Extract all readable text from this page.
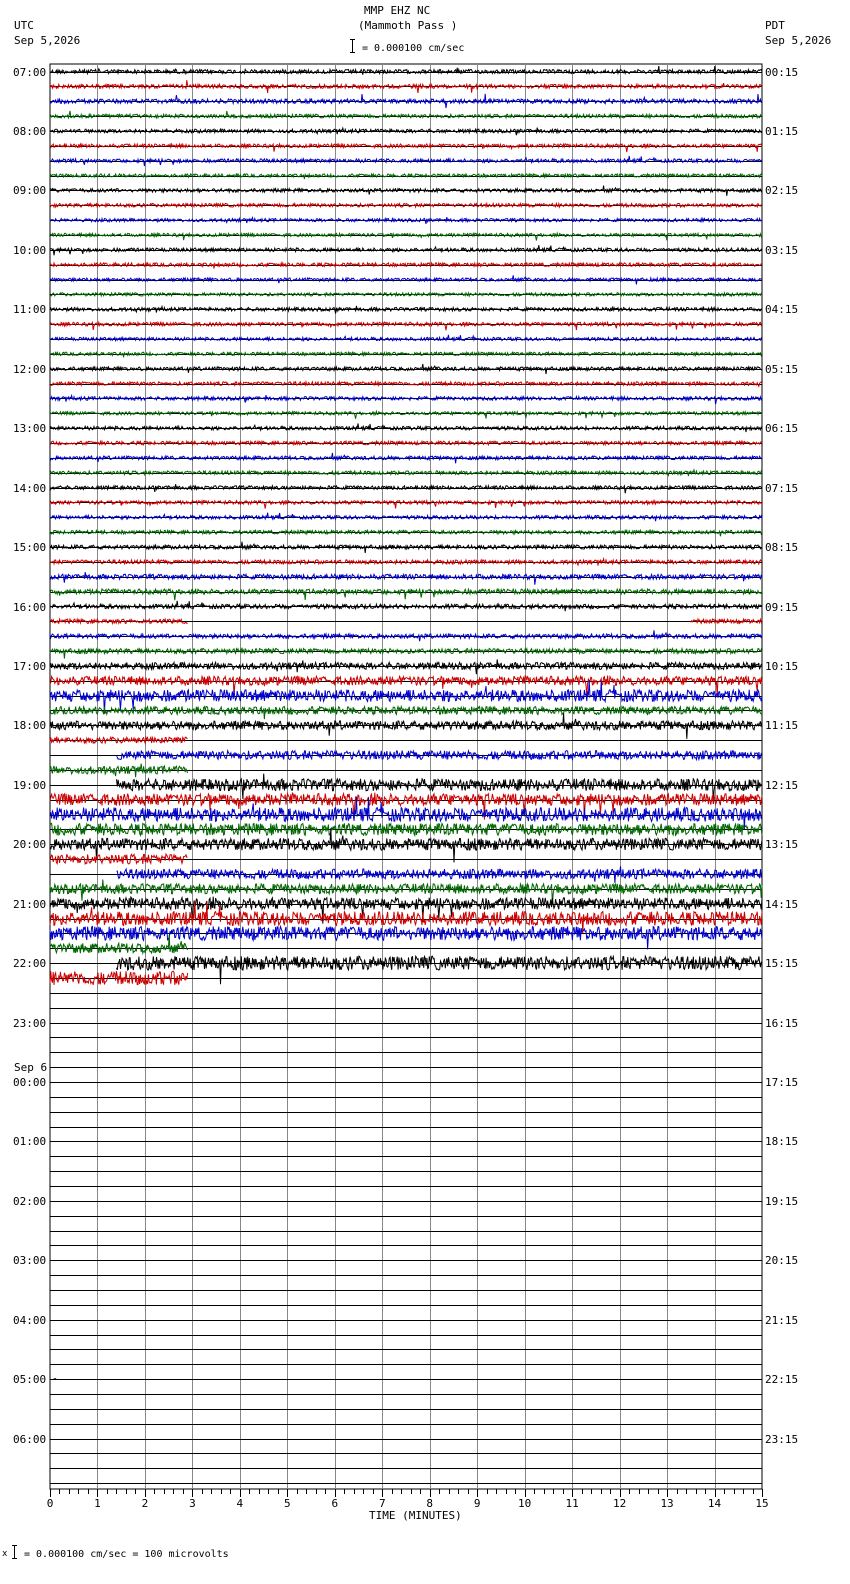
0	1	2	3	4	5	6	7	8	9	10	11	12	13	14	15
MMP EHZ NC
(Mammoth Pass )
= 0.000100 cm/sec
UTC
Sep 5,2026
PDT
Sep 5,2026
07:00
08:00
09:00
10:00
11:00
12:00
13:00
14:00
15:00
16:00
17:00
18:00
19:00
20:00
21:00
22:00
23:00
00:00
01:00
02:00
03:00
04:00
05:00
06:00
00:15
01:15
02:15
03:15
04:15
05:15
06:15
07:15
08:15
09:15
10:15
11:15
12:15
13:15
14:15
15:15
16:15
17:15
18:15
19:15
20:15
21:15
22:15
23:15
Sep 6
TIME (MINUTES)
x = 0.000100 cm/sec = 100 microvolts
